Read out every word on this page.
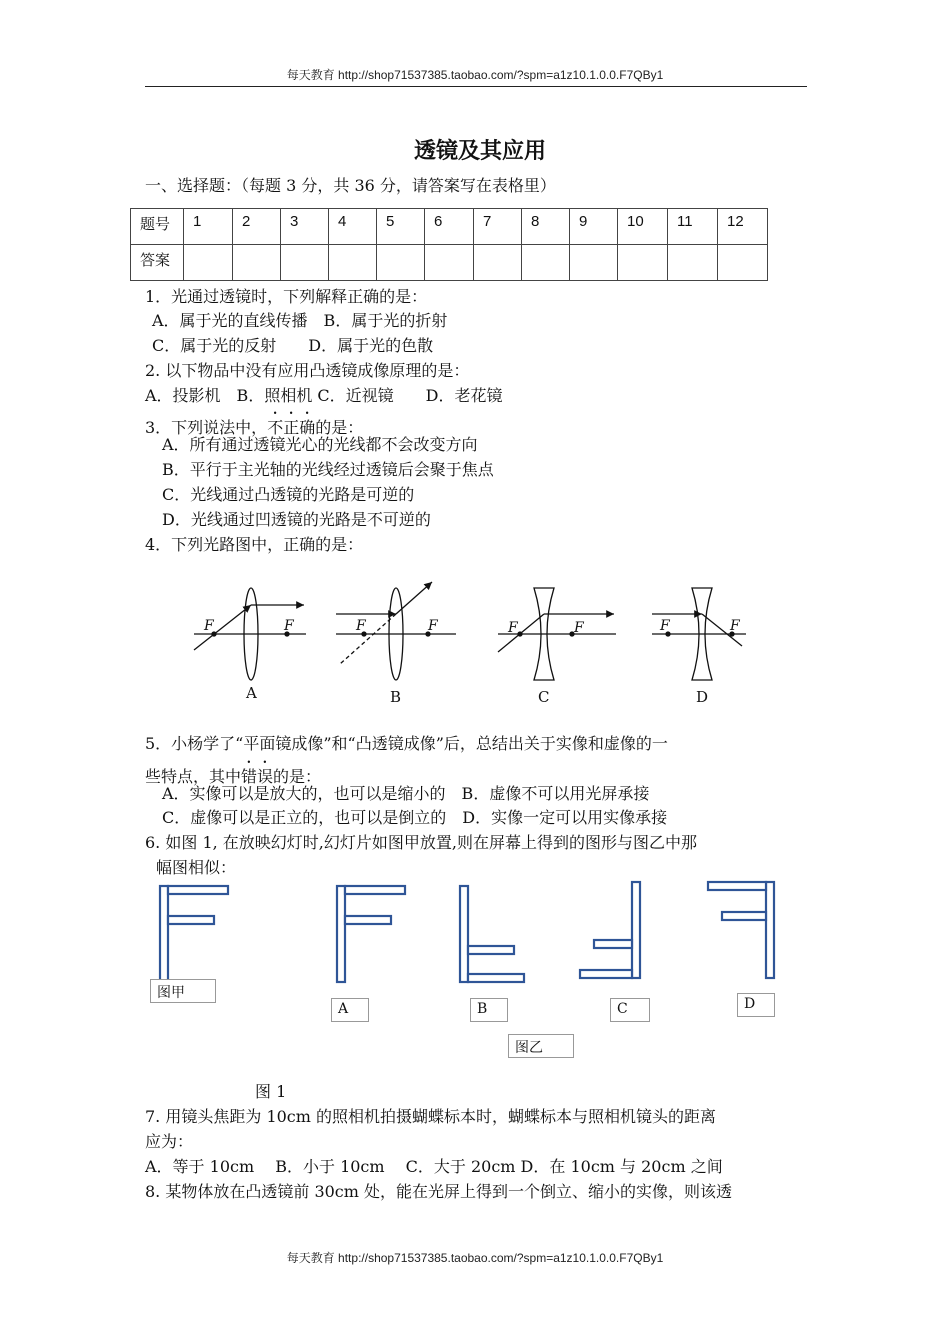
每天教育 http://shop71537385.taobao.com/?spm=a1z10.1.0.0.F7QBy1
透镜及其应用
一、选择题：（每题 3 分，共 36 分，请答案写在表格里）
题号	1	2	3	4	5	6	7	8	9	10	11	12
答案												
1．光通过透镜时，下列解释正确的是：
A．属于光的直线传播　B．属于光的折射
C．属于光的反射　　D．属于光的色散
2. 以下物品中没有应用凸透镜成像原理的是：
A．投影机　B．照相机 C．近视镜　　D．老花镜
3．下列说法中，不正确的是：
A．所有通过透镜光心的光线都不会改变方向
B．平行于主光轴的光线经过透镜后会聚于焦点
C．光线通过凸透镜的光路是可逆的
D．光线通过凹透镜的光路是不可逆的
4．下列光路图中，正确的是：
F	F	F	F	F	F	F	F
A	B	C	D
5．小杨学了“平面镜成像”和“凸透镜成像”后，总结出关于实像和虚像的一
些特点，其中错误的是：
A．实像可以是放大的，也可以是缩小的　B．虚像不可以用光屏承接
C．虚像可以是正立的，也可以是倒立的　D．实像一定可以用实像承接
6. 如图 1, 在放映幻灯时,幻灯片如图甲放置,则在屏幕上得到的图形与图乙中那
幅图相似：
图甲
A	B	C	D
图乙
图 1
7. 用镜头焦距为 10cm 的照相机拍摄蝴蝶标本时，蝴蝶标本与照相机镜头的距离
应为：
A．等于 10cm　 B．小于 10cm　 C．大于 20cm D．在 10cm 与 20cm 之间
8. 某物体放在凸透镜前 30cm 处，能在光屏上得到一个倒立、缩小的实像，则该透
每天教育 http://shop71537385.taobao.com/?spm=a1z10.1.0.0.F7QBy1
